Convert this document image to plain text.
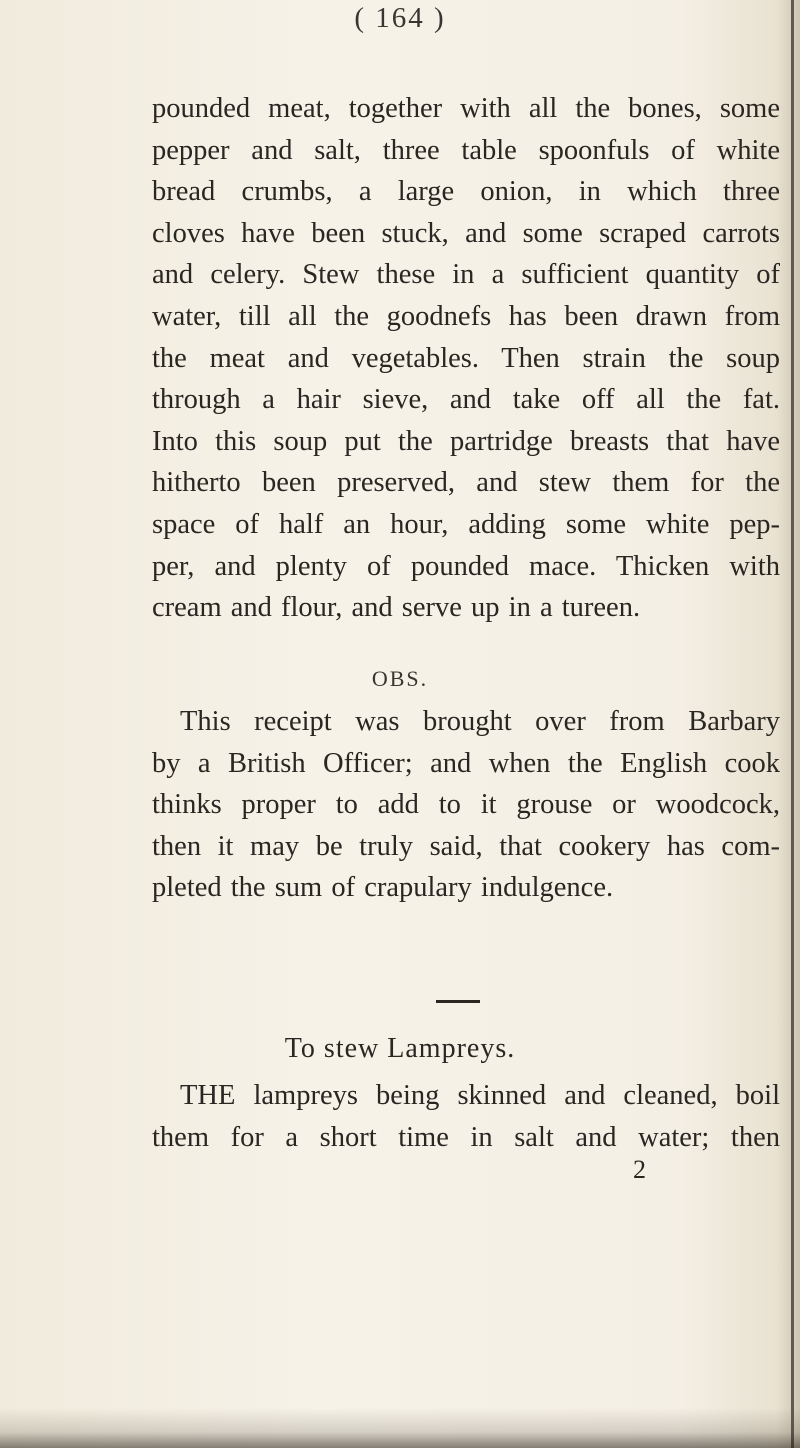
( 164 )
pounded meat, together with all the bones, some
pepper and salt, three table spoonfuls of white
bread crumbs, a large onion, in which three
cloves have been stuck, and some scraped carrots
and celery. Stew these in a sufficient quantity of
water, till all the goodnefs has been drawn from
the meat and vegetables. Then strain the soup
through a hair sieve, and take off all the fat.
Into this soup put the partridge breasts that have
hitherto been preserved, and stew them for the
space of half an hour, adding some white pep-
per, and plenty of pounded mace. Thicken with
cream and flour, and serve up in a tureen.
OBS.
This receipt was brought over from Barbary
by a British Officer; and when the English cook
thinks proper to add to it grouse or woodcock,
then it may be truly said, that cookery has com-
pleted the sum of crapulary indulgence.
To stew Lampreys.
THE lampreys being skinned and cleaned, boil
them for a short time in salt and water; then
2
